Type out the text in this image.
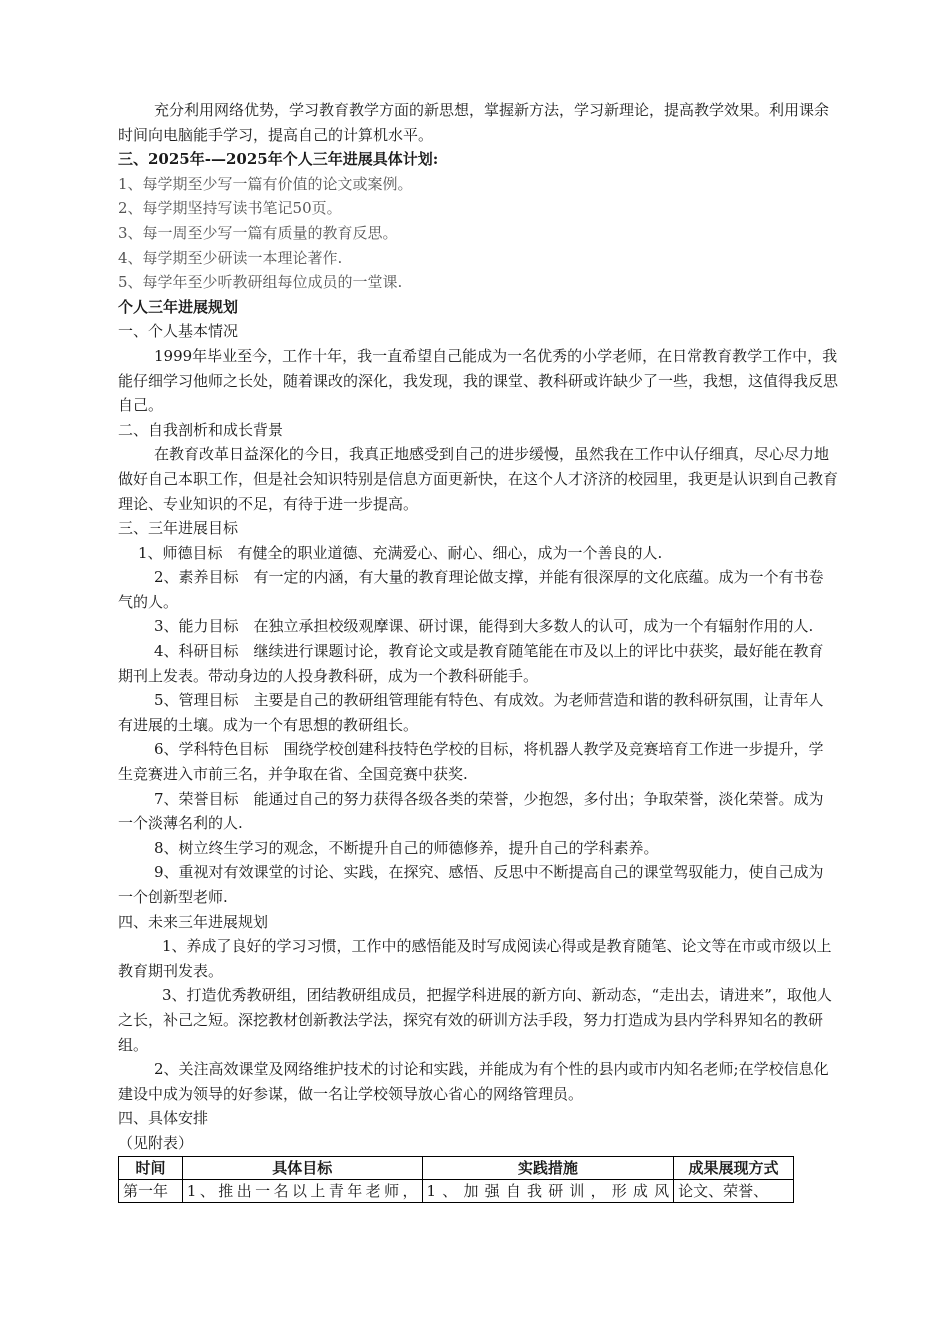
充分利用网络优势，学习教育教学方面的新思想，掌握新方法，学习新理论，提高教学效果。利用课余时间向电脑能手学习，提高自己的计算机水平。

三、2025年-—2025年个人三年进展具体计划:

1、每学期至少写一篇有价值的论文或案例。

2、每学期坚持写读书笔记50页。

3、每一周至少写一篇有质量的教育反思。

4、每学期至少研读一本理论著作.

5、每学年至少听教研组每位成员的一堂课.

个人三年进展规划

一、个人基本情况

1999年毕业至今，工作十年，我一直希望自己能成为一名优秀的小学老师，在日常教育教学工作中，我能仔细学习他师之长处，随着课改的深化，我发现，我的课堂、教科研或许缺少了一些，我想，这值得我反思自己。

二、自我剖析和成长背景

在教育改革日益深化的今日，我真正地感受到自己的进步缓慢，虽然我在工作中认仔细真，尽心尽力地做好自己本职工作，但是社会知识特别是信息方面更新快，在这个人才济济的校园里，我更是认识到自己教育理论、专业知识的不足，有待于进一步提高。

三、三年进展目标

1、师德目标　有健全的职业道德、充满爱心、耐心、细心，成为一个善良的人.

2、素养目标　有一定的内涵，有大量的教育理论做支撑，并能有很深厚的文化底蕴。成为一个有书卷气的人。

3、能力目标　在独立承担校级观摩课、研讨课，能得到大多数人的认可，成为一个有辐射作用的人.

4、科研目标　继续进行课题讨论，教育论文或是教育随笔能在市及以上的评比中获奖，最好能在教育期刊上发表。带动身边的人投身教科研，成为一个教科研能手。

5、管理目标　主要是自己的教研组管理能有特色、有成效。为老师营造和谐的教科研氛围，让青年人有进展的土壤。成为一个有思想的教研组长。

6、学科特色目标　围绕学校创建科技特色学校的目标，将机器人教学及竞赛培育工作进一步提升，学生竞赛进入市前三名，并争取在省、全国竞赛中获奖.

7、荣誉目标　能通过自己的努力获得各级各类的荣誉，少抱怨，多付出；争取荣誉，淡化荣誉。成为一个淡薄名利的人.

8、树立终生学习的观念，不断提升自己的师德修养，提升自己的学科素养。

9、重视对有效课堂的讨论、实践，在探究、感悟、反思中不断提高自己的课堂驾驭能力，使自己成为一个创新型老师.

四、未来三年进展规划

1、养成了良好的学习习惯，工作中的感悟能及时写成阅读心得或是教育随笔、论文等在市或市级以上教育期刊发表。

3、打造优秀教研组，团结教研组成员，把握学科进展的新方向、新动态，“走出去，请进来”，取他人之长，补己之短。深挖教材创新教法学法，探究有效的研训方法手段，努力打造成为县内学科界知名的教研组。

2、关注高效课堂及网络维护技术的讨论和实践，并能成为有个性的县内或市内知名老师;在学校信息化建设中成为领导的好参谋，做一名让学校领导放心省心的网络管理员。

四、具体安排

（见附表）

时间	具体目标	实践措施	成果展现方式
第一年	1、推出一名以上青年老师，	1、加强自我研训，形成风	论文、荣誉、
